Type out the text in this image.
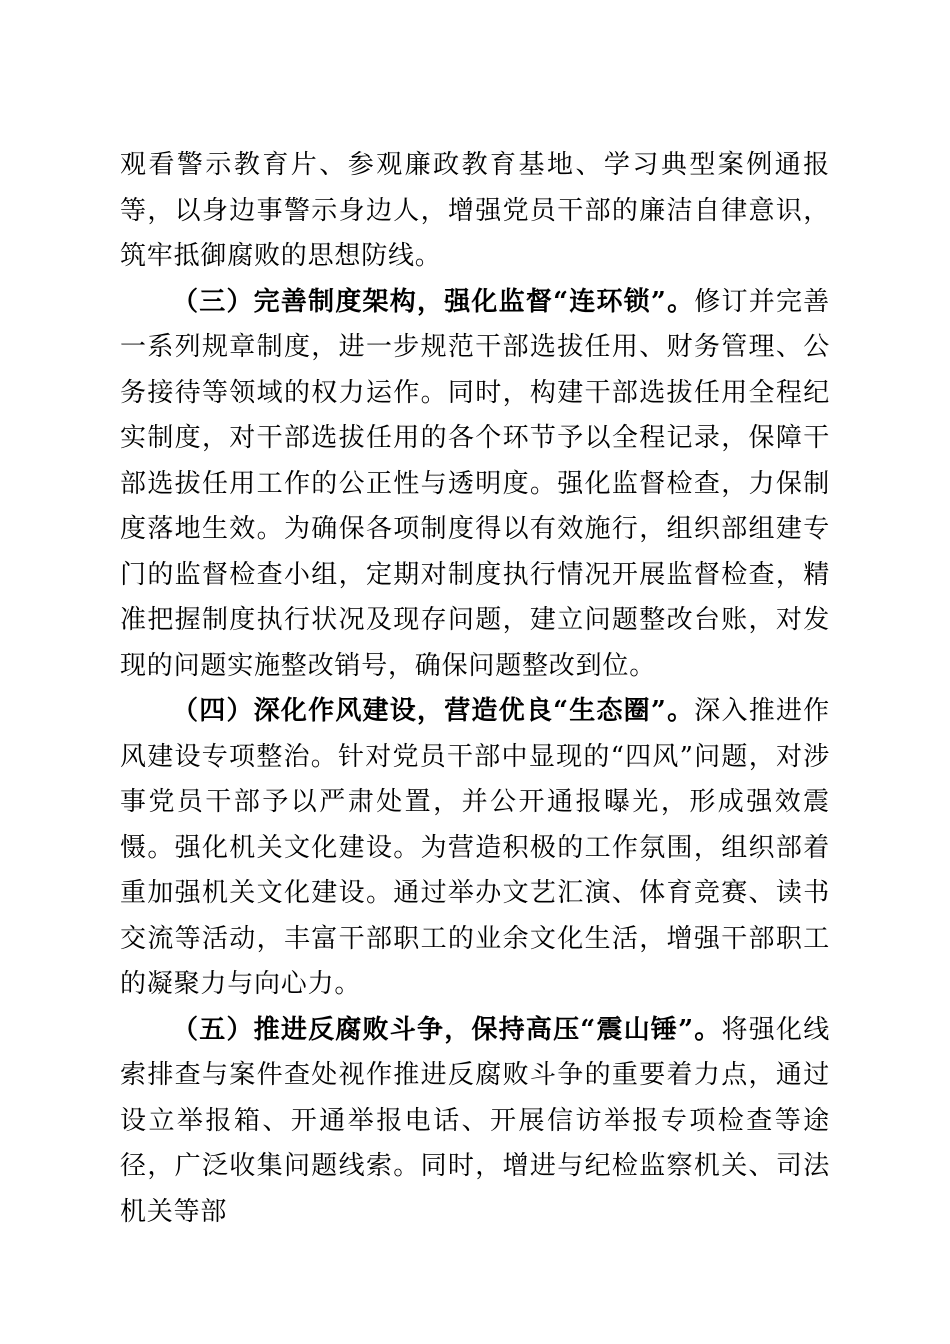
观看警示教育片、参观廉政教育基地、学习典型案例通报等，以身边事警示身边人，增强党员干部的廉洁自律意识，筑牢抵御腐败的思想防线。

（三）完善制度架构，强化监督“连环锁”。修订并完善一系列规章制度，进一步规范干部选拔任用、财务管理、公务接待等领域的权力运作。同时，构建干部选拔任用全程纪实制度，对干部选拔任用的各个环节予以全程记录，保障干部选拔任用工作的公正性与透明度。强化监督检查，力保制度落地生效。为确保各项制度得以有效施行，组织部组建专门的监督检查小组，定期对制度执行情况开展监督检查，精准把握制度执行状况及现存问题，建立问题整改台账，对发现的问题实施整改销号，确保问题整改到位。

（四）深化作风建设，营造优良“生态圈”。深入推进作风建设专项整治。针对党员干部中显现的“四风”问题，对涉事党员干部予以严肃处置，并公开通报曝光，形成强效震慑。强化机关文化建设。为营造积极的工作氛围，组织部着重加强机关文化建设。通过举办文艺汇演、体育竞赛、读书交流等活动，丰富干部职工的业余文化生活，增强干部职工的凝聚力与向心力。

（五）推进反腐败斗争，保持高压“震山锤”。将强化线索排查与案件查处视作推进反腐败斗争的重要着力点，通过设立举报箱、开通举报电话、开展信访举报专项检查等途径，广泛收集问题线索。同时，增进与纪检监察机关、司法机关等部
